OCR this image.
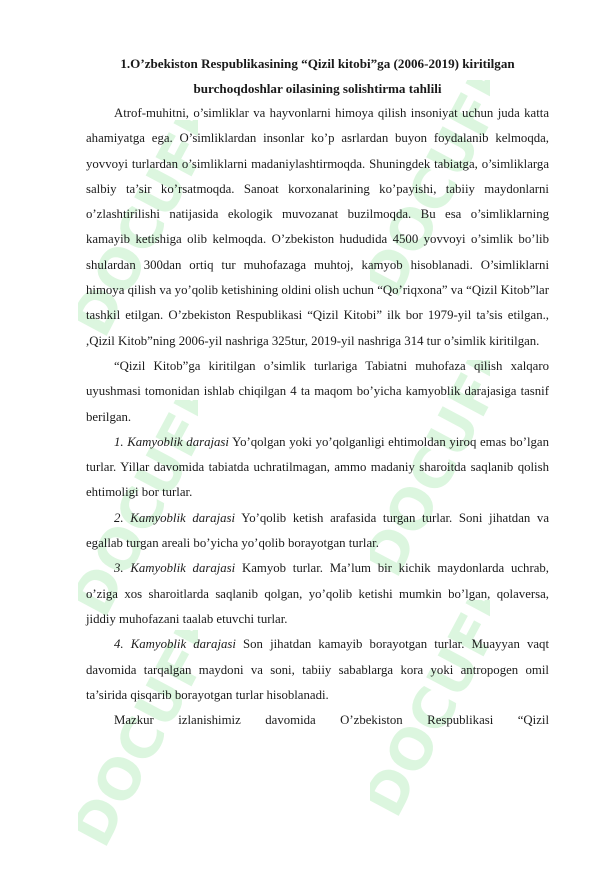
DOCUFF DOCUFF
DOCUFF DOCUFF
DOCUFF DOCUFF
1.O’zbekiston Respublikasining “Qizil kitobi”ga (2006-2019) kiritilgan
burchoqdoshlar oilasining solishtirma tahlili

Atrof-muhitni, o’simliklar va hayvonlarni himoya qilish insoniyat uchun juda katta ahamiyatga ega. O’simliklardan insonlar ko’p asrlardan buyon foydalanib kelmoqda, yovvoyi turlardan o’simliklarni madaniylashtirmoqda. Shuningdek tabiatga, o’simliklarga salbiy ta’sir ko’rsatmoqda. Sanoat korxonalarining ko’payishi, tabiiy maydonlarni o’zlashtirilishi natijasida ekologik muvozanat buzilmoqda. Bu esa o’simliklarning kamayib ketishiga olib kelmoqda. O’zbekiston hududida 4500 yovvoyi o’simlik bo’lib shulardan 300dan ortiq tur muhofazaga muhtoj, kamyob hisoblanadi. O’simliklarni himoya qilish va yo’qolib ketishining oldini olish uchun “Qo’riqxona” va “Qizil Kitob”lar tashkil etilgan. O’zbekiston Respublikasi “Qizil Kitobi” ilk bor 1979-yil ta’sis etilgan., ,Qizil Kitob”ning 2006-yil nashriga 325tur, 2019-yil nashriga 314 tur o’simlik kiritilgan.

“Qizil Kitob”ga kiritilgan o’simlik turlariga Tabiatni muhofaza qilish xalqaro uyushmasi tomonidan ishlab chiqilgan 4 ta maqom bo’yicha kamyoblik darajasiga tasnif berilgan.

1. Kamyoblik darajasi Yo’qolgan yoki yo’qolganligi ehtimoldan yiroq emas bo’lgan turlar. Yillar davomida tabiatda uchratilmagan, ammo madaniy sharoitda saqlanib qolish ehtimoligi bor turlar.

2. Kamyoblik darajasi Yo’qolib ketish arafasida turgan turlar. Soni jihatdan va egallab turgan areali bo’yicha yo’qolib borayotgan turlar.

3. Kamyoblik darajasi Kamyob turlar. Ma’lum bir kichik maydonlarda uchrab, o’ziga xos sharoitlarda saqlanib qolgan, yo’qolib ketishi mumkin bo’lgan, qolaversa, jiddiy muhofazani taalab etuvchi turlar.

4. Kamyoblik darajasi Son jihatdan kamayib borayotgan turlar. Muayyan vaqt davomida tarqalgan maydoni va soni, tabiiy sabablarga kora yoki antropogen omil ta’sirida qisqarib borayotgan turlar hisoblanadi.

Mazkur izlanishimiz davomida O’zbekiston Respublikasi “Qizil
